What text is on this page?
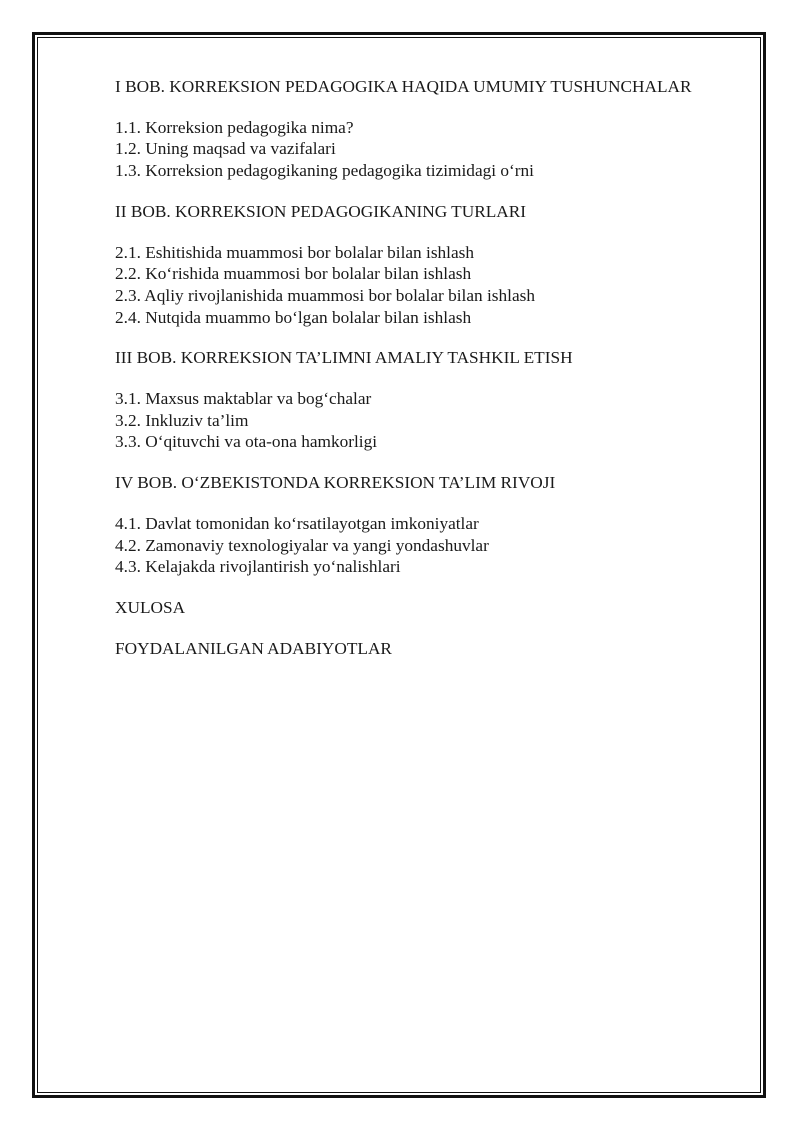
I BOB. KORREKSION PEDAGOGIKA HAQIDA UMUMIY TUSHUNCHALAR
1.1. Korreksion pedagogika nima?
1.2. Uning maqsad va vazifalari
1.3. Korreksion pedagogikaning pedagogika tizimidagi o‘rni
II BOB. KORREKSION PEDAGOGIKANING TURLARI
2.1. Eshitishida muammosi bor bolalar bilan ishlash
2.2. Ko‘rishida muammosi bor bolalar bilan ishlash
2.3. Aqliy rivojlanishida muammosi bor bolalar bilan ishlash
2.4. Nutqida muammo bo‘lgan bolalar bilan ishlash
III BOB. KORREKSION TA’LIMNI AMALIY TASHKIL ETISH
3.1. Maxsus maktablar va bog‘chalar
3.2. Inkluziv ta’lim
3.3. O‘qituvchi va ota-ona hamkorligi
IV BOB. O‘ZBEKISTONDA KORREKSION TA’LIM RIVOJI
4.1. Davlat tomonidan ko‘rsatilayotgan imkoniyatlar
4.2. Zamonaviy texnologiyalar va yangi yondashuvlar
4.3. Kelajakda rivojlantirish yo‘nalishlari
XULOSA
FOYDALANILGAN ADABIYOTLAR
